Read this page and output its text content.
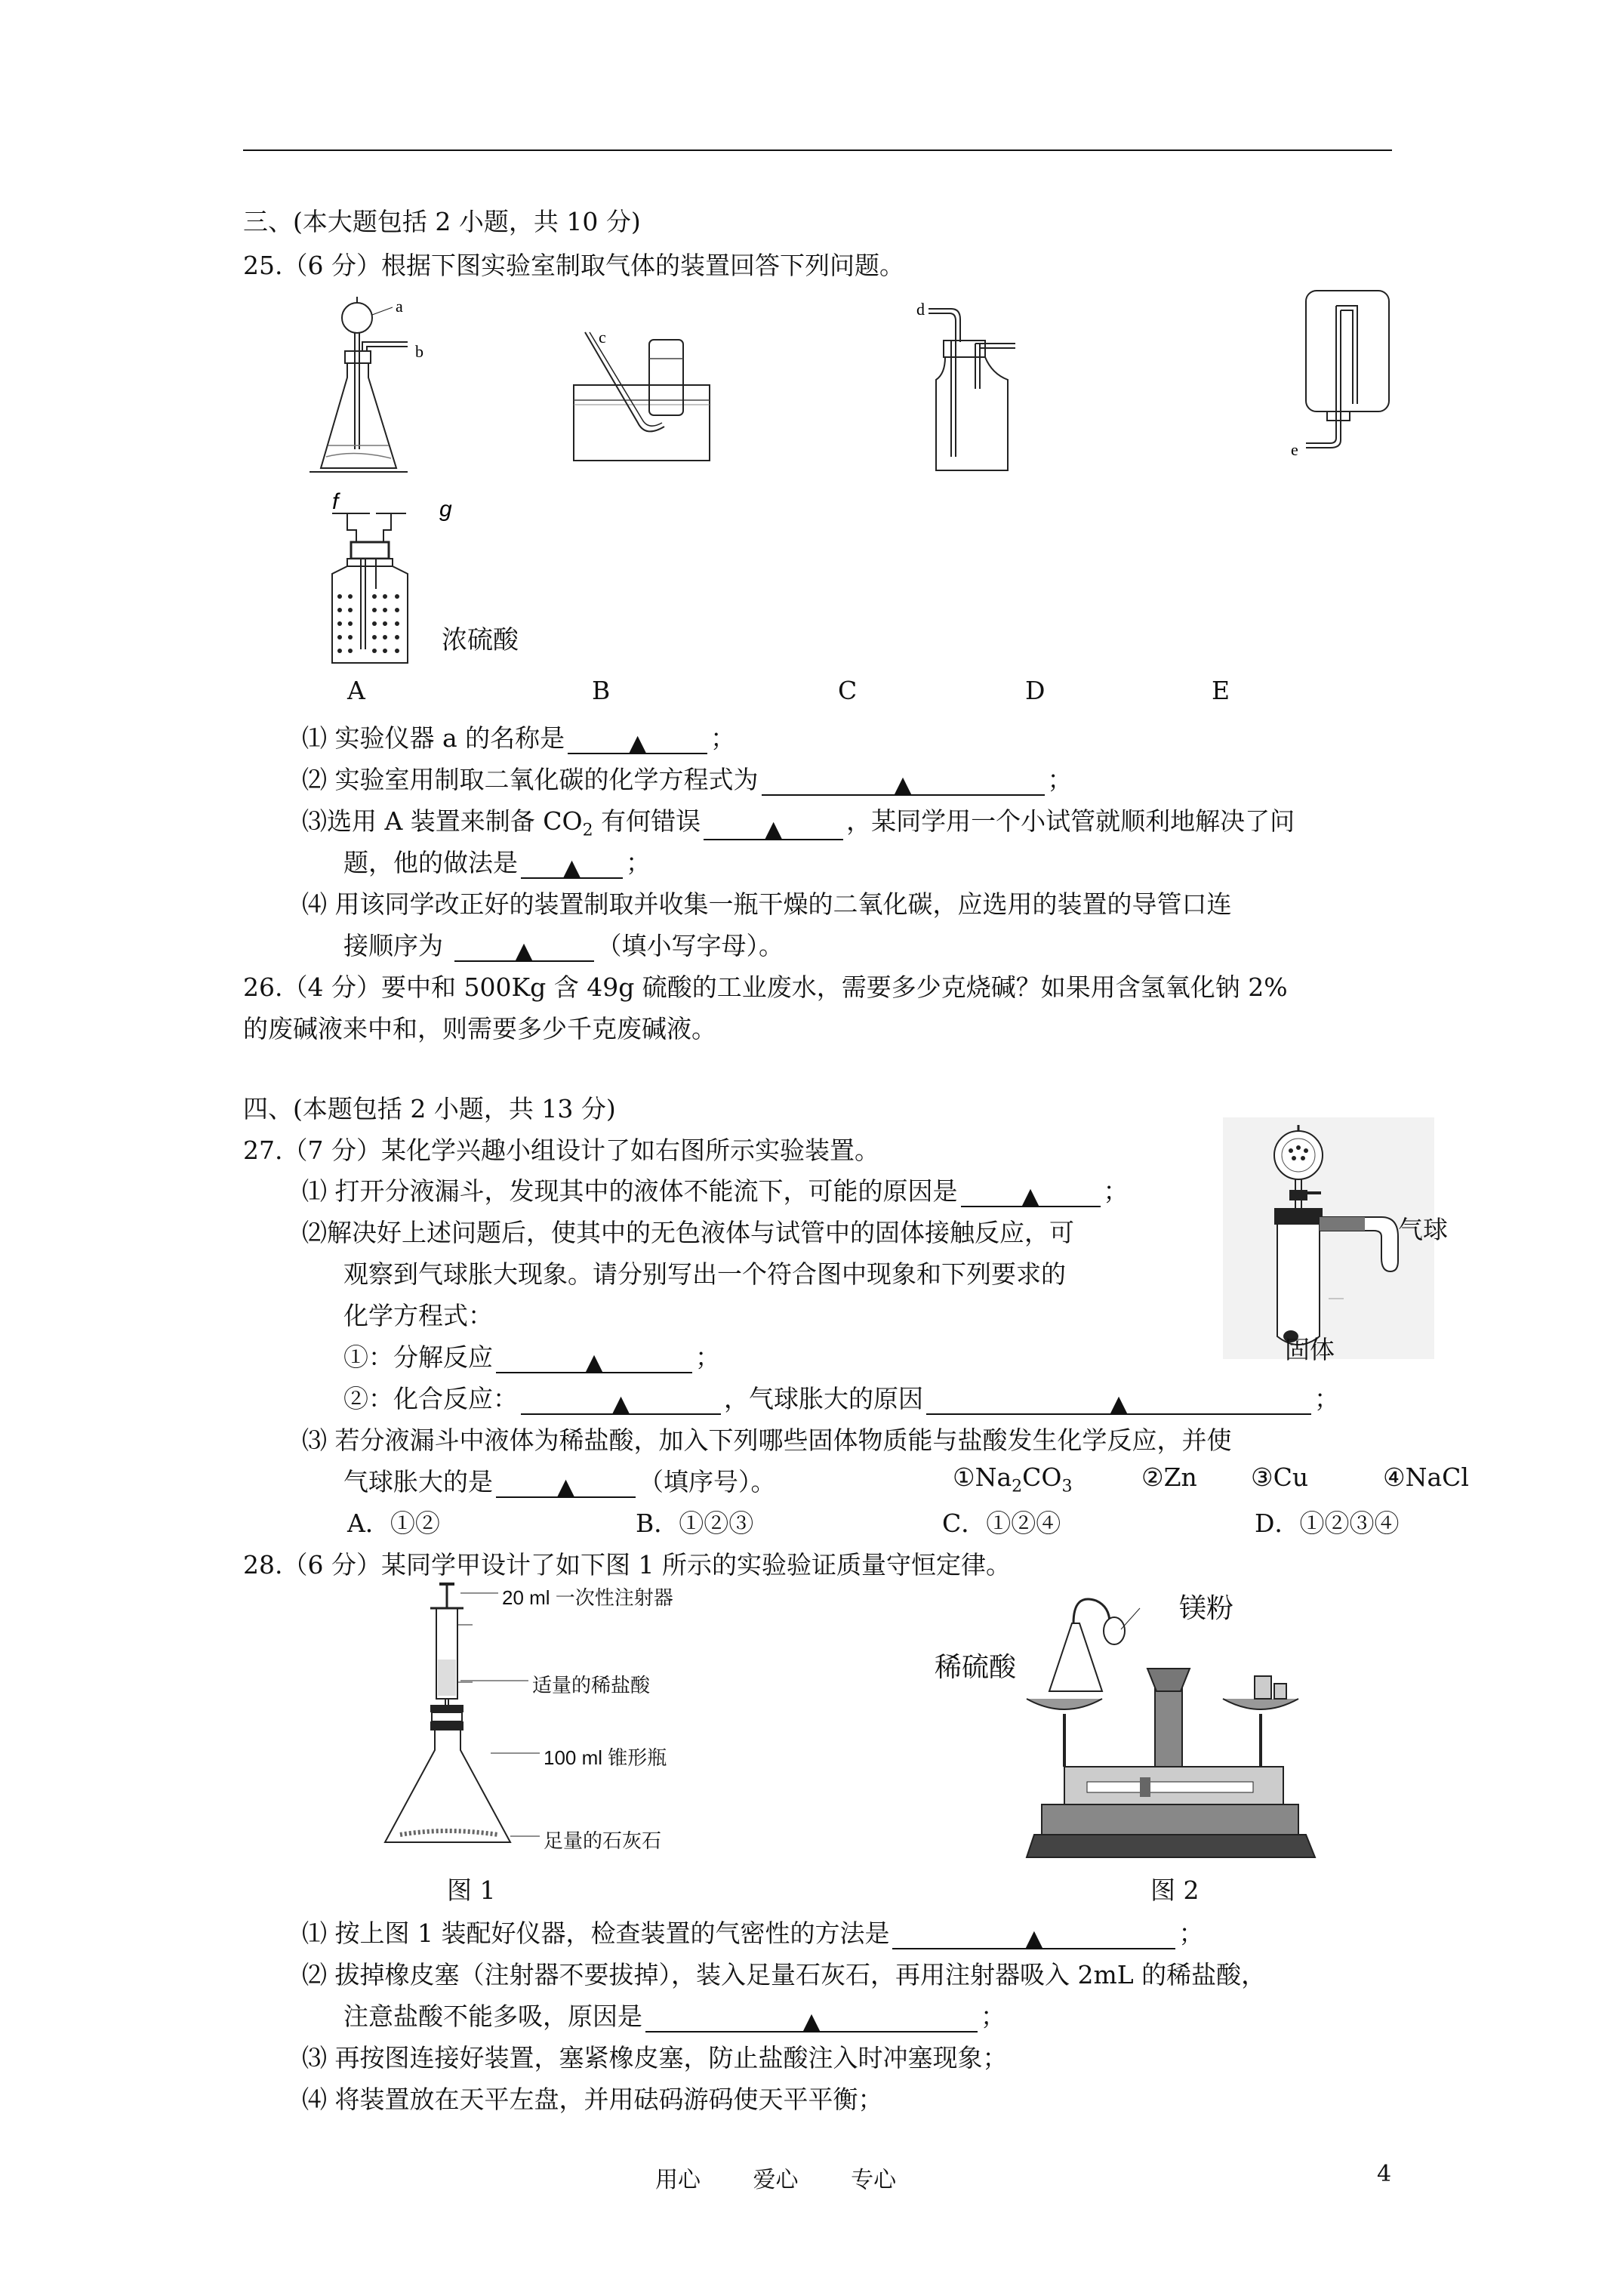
三、(本大题包括 2 小题，共 10 分)
25.（6 分）根据下图实验室制取气体的装置回答下列问题。
a
b
c
d
e
f	g
浓硫酸
A	B	C	D	E
⑴ 实验仪器 a 的名称是	▲	；
⑵ 实验室用制取二氧化碳的化学方程式为	▲	；
⑶选用 A 装置来制备 $CO_2$ 有何错误	▲	，某同学用一个小试管就顺利地解决了问
题，他的做法是 ▲ ；
⑷ 用该同学改正好的装置制取并收集一瓶干燥的二氧化碳，应选用的装置的导管口连
接顺序为	▲	（填小写字母）。
26.（4 分）要中和 500Kg 含 49g 硫酸的工业废水，需要多少克烧碱？如果用含氢氧化钠 2%
的废碱液来中和，则需要多少千克废碱液。
四、(本题包括 2 小题，共 13 分)
27.（7 分）某化学兴趣小组设计了如右图所示实验装置。
气球
固体
⑴ 打开分液漏斗，发现其中的液体不能流下，可能的原因是	▲	；
⑵解决好上述问题后，使其中的无色液体与试管中的固体接触反应，可
观察到气球胀大现象。请分别写出一个符合图中现象和下列要求的
化学方程式：
①：分解反应	▲	；
②：化合反应：	▲	，气球胀大的原因	▲	；
⑶ 若分液漏斗中液体为稀盐酸，加入下列哪些固体物质能与盐酸发生化学反应，并使
气球胀大的是	▲	（填序号）。	$①Na_2CO_3$	②Zn ③Cu	④NaCl
A．①②	B．①②③	C．①②④	D．①②③④
28.（6 分）某同学甲设计了如下图 1 所示的实验验证质量守恒定律。
20 ml 一次性注射器
适量的稀盐酸
100 ml 锥形瓶
足量的石灰石
图 1
镁粉
稀硫酸
图 2
⑴ 按上图 1 装配好仪器，检查装置的气密性的方法是	▲	；
⑵ 拔掉橡皮塞（注射器不要拔掉），装入足量石灰石，再用注射器吸入 2mL 的稀盐酸，
注意盐酸不能多吸，原因是	▲	；
⑶ 再按图连接好装置，塞紧橡皮塞，防止盐酸注入时冲塞现象；
⑷ 将装置放在天平左盘，并用砝码游码使天平平衡；
用心　　 爱心　　 专心	4
